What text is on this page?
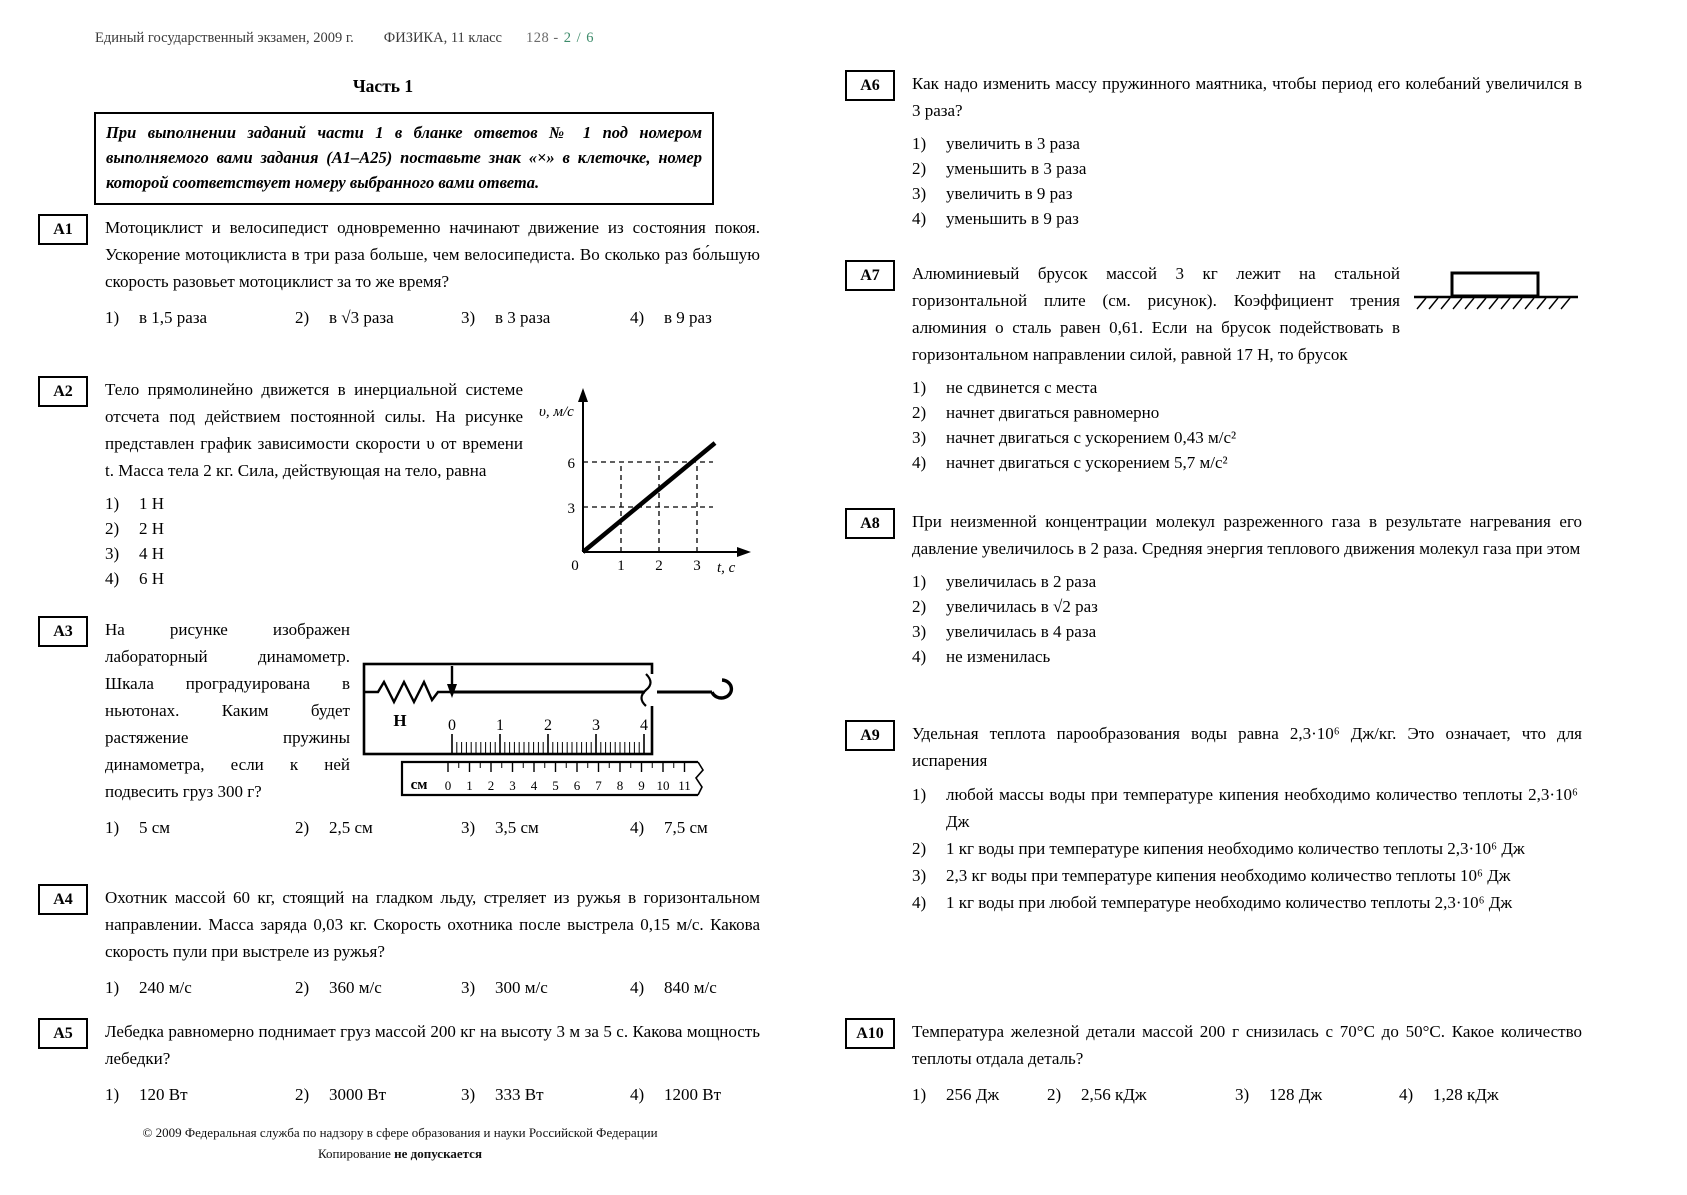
Единый государственный экзамен, 2009 г. ФИЗИКА, 11 класс 128 - 2 / 6
Часть 1
При выполнении заданий части 1 в бланке ответов № 1 под номером выполняемого вами задания (А1–А25) поставьте знак «×» в клеточке, номер которой соответствует номеру выбранного вами ответа.
А1	Мотоциклист и велосипедист одновременно начинают движение из состояния покоя. Ускорение мотоциклиста в три раза больше, чем велосипедиста. Во сколько раз бо́льшую скорость разовьет мотоциклист за то же время?
1)	в 1,5 раза	2)	в √3 раза	3)	в 3 раза	4)	в 9 раз
А2
υ, м/с
6
3
0	1 2 3 t, с
Тело прямолинейно движется в инерциальной системе отсчета под действием постоянной силы. На рисунке представлен график зависимости скорости υ от времени t. Масса тела 2 кг. Сила, действующая на тело, равна
1)	1 Н
2)	2 Н
3)	4 Н
4)	6 Н
А3
Н	0	1	2	3	4
см 0 1 2 3 4 5 6 7 8 9 10 11
На рисунке изображен лабораторный динамометр. Шкала проградуирована в ньютонах. Каким будет растяжение пружины динамометра, если к ней подвесить груз 300 г?
1)	5 см	2)	2,5 см	3)	3,5 см	4)	7,5 см
А4	Охотник массой 60 кг, стоящий на гладком льду, стреляет из ружья в горизонтальном направлении. Масса заряда 0,03 кг. Скорость охотника после выстрела 0,15 м/с. Какова скорость пули при выстреле из ружья?
1)	240 м/с	2)	360 м/с	3)	300 м/с	4)	840 м/с
А5	Лебедка равномерно поднимает груз массой 200 кг на высоту 3 м за 5 с. Какова мощность лебедки?
1)	120 Вт	2)	3000 Вт	3)	333 Вт	4)	1200 Вт
А6	Как надо изменить массу пружинного маятника, чтобы период его колебаний увеличился в 3 раза?
1)	увеличить в 3 раза
2)	уменьшить в 3 раза
3)	увеличить в 9 раз
4)	уменьшить в 9 раз
А7	Алюминиевый брусок массой 3 кг лежит на стальной горизонтальной плите (см. рисунок). Коэффициент трения алюминия о сталь равен 0,61. Если на брусок подействовать в горизонтальном направлении силой, равной 17 Н, то брусок
1)	не сдвинется с места
2)	начнет двигаться равномерно
3)	начнет двигаться с ускорением 0,43 м/с²
4)	начнет двигаться с ускорением 5,7 м/с²
А8	При неизменной концентрации молекул разреженного газа в результате нагревания его давление увеличилось в 2 раза. Средняя энергия теплового движения молекул газа при этом
1)	увеличилась в 2 раза
2)	увеличилась в √2 раз
3)	увеличилась в 4 раза
4)	не изменилась
А9	Удельная теплота парообразования воды равна 2,3·10⁶ Дж/кг. Это означает, что для испарения
1)	любой массы воды при температуре кипения необходимо количество теплоты 2,3·10⁶ Дж
2)	1 кг воды при температуре кипения необходимо количество теплоты 2,3·10⁶ Дж
3)	2,3 кг воды при температуре кипения необходимо количество теплоты 10⁶ Дж
4)	1 кг воды при любой температуре необходимо количество теплоты 2,3·10⁶ Дж
А10	Температура железной детали массой 200 г снизилась с 70°С до 50°С. Какое количество теплоты отдала деталь?
1)	256 Дж	2)	2,56 кДж	3)	128 Дж	4)	1,28 кДж
© 2009 Федеральная служба по надзору в сфере образования и науки Российской Федерации
Копирование не допускается
